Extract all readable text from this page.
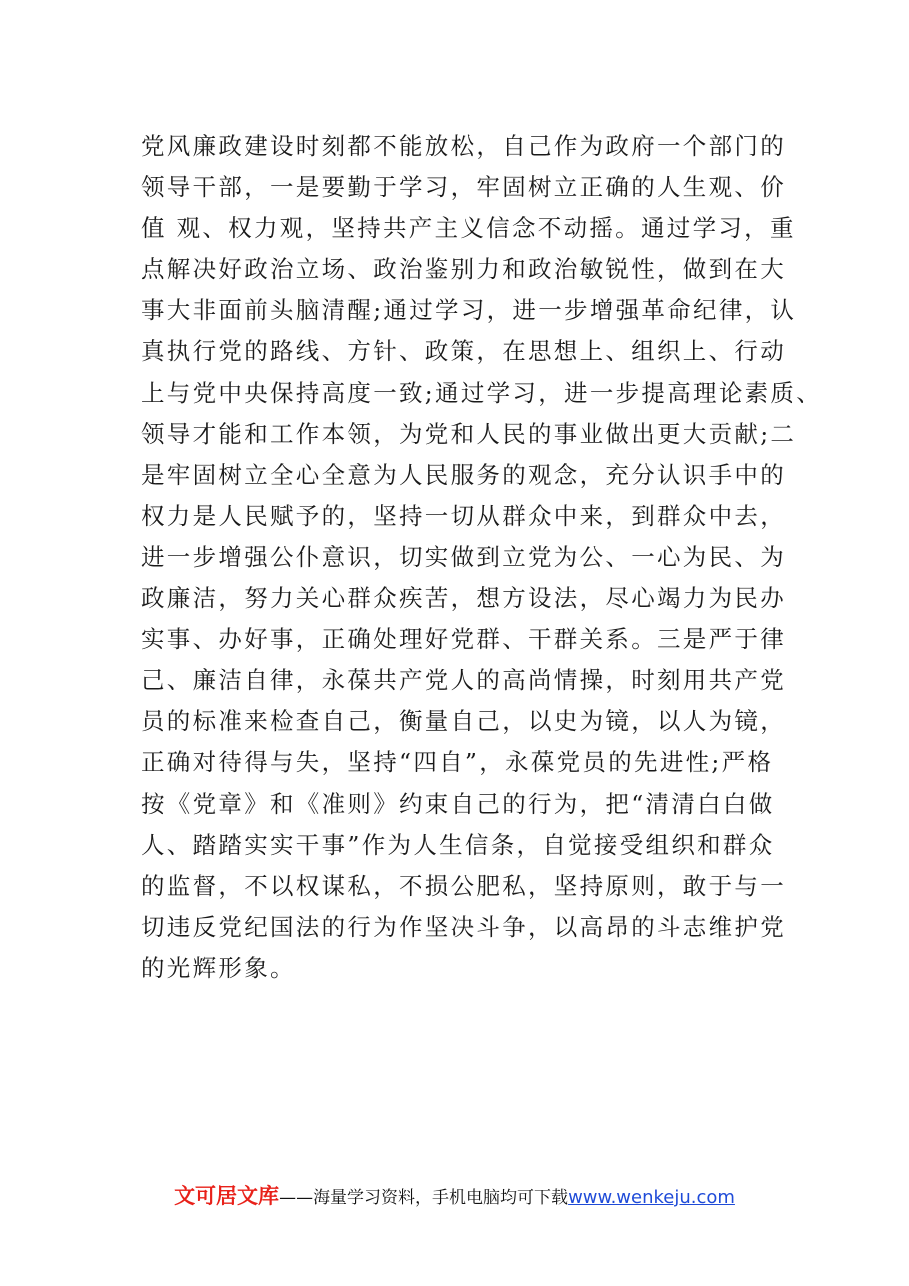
党风廉政建设时刻都不能放松，自己作为政府一个部门的
领导干部，一是要勤于学习，牢固树立正确的人生观、价
值 观、权力观，坚持共产主义信念不动摇。通过学习，重
点解决好政治立场、政治鉴别力和政治敏锐性，做到在大
事大非面前头脑清醒;通过学习，进一步增强革命纪律，认
真执行党的路线、方针、政策，在思想上、组织上、行动
上与党中央保持高度一致;通过学习，进一步提高理论素质、
领导才能和工作本领，为党和人民的事业做出更大贡献;二
是牢固树立全心全意为人民服务的观念，充分认识手中的
权力是人民赋予的，坚持一切从群众中来，到群众中去，
进一步增强公仆意识，切实做到立党为公、一心为民、为
政廉洁，努力关心群众疾苦，想方设法，尽心竭力为民办
实事、办好事，正确处理好党群、干群关系。三是严于律
己、廉洁自律，永葆共产党人的高尚情操，时刻用共产党
员的标准来检查自己，衡量自己，以史为镜，以人为镜，
正确对待得与失，坚持“四自”，永葆党员的先进性;严格
按《党章》和《准则》约束自己的行为，把“清清白白做
人、踏踏实实干事”作为人生信条，自觉接受组织和群众
的监督，不以权谋私，不损公肥私，坚持原则，敢于与一
切违反党纪国法的行为作坚决斗争，以高昂的斗志维护党
的光辉形象。
文可居文库——海量学习资料，手机电脑均可下载www.wenkeju.com
